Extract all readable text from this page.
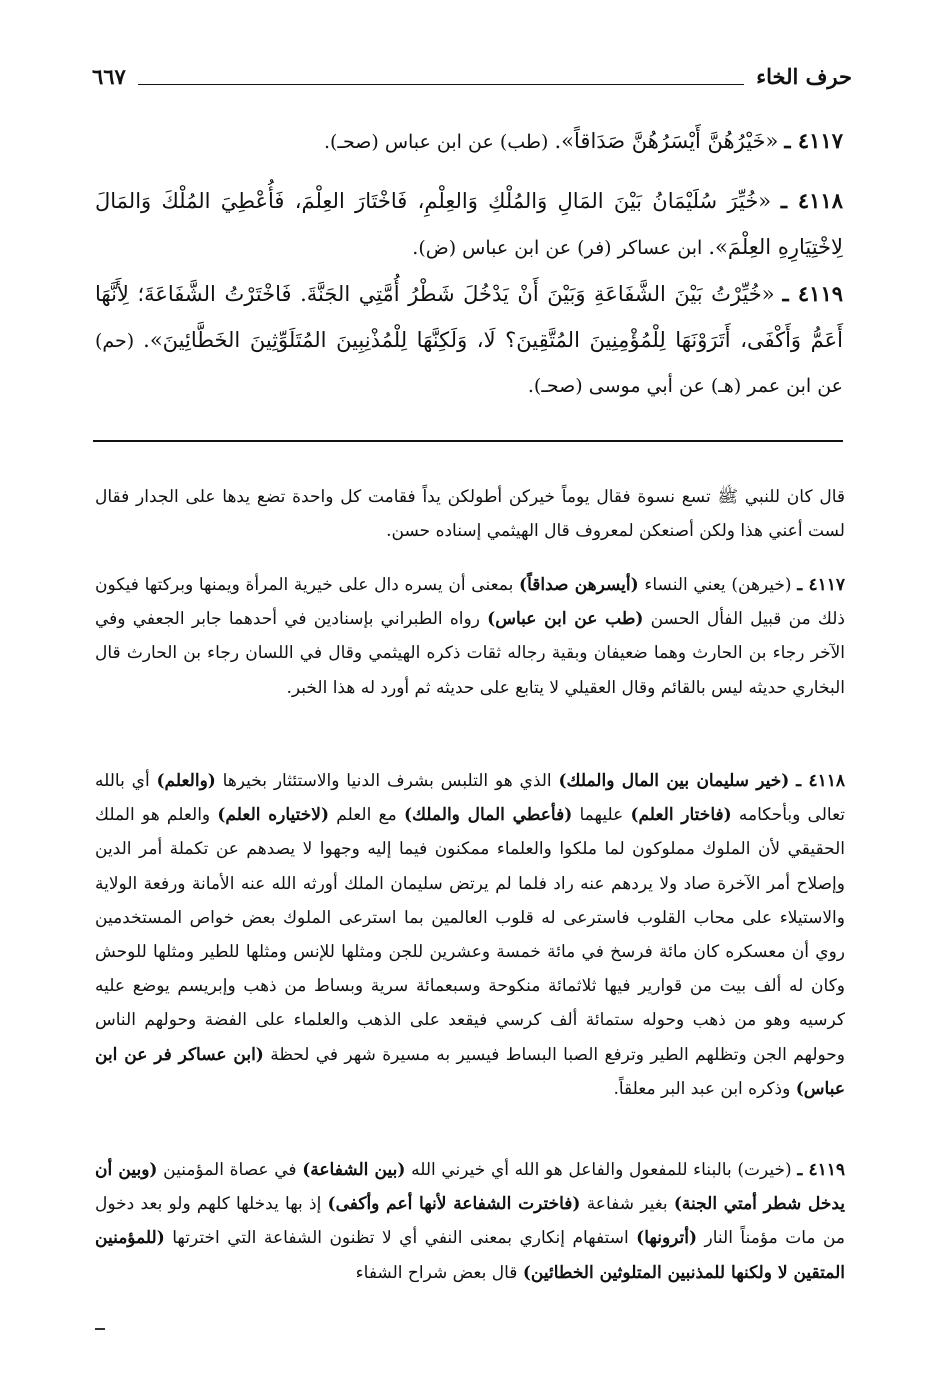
حرف الخاء
٦٦٧
٤١١٧ ـ «خَيْرُهُنَّ أَيْسَرُهُنَّ صَدَاقاً». (طب) عن ابن عباس (صحـ).
٤١١٨ ـ «خُيِّرَ سُلَيْمَانُ بَيْنَ المَالِ وَالمُلْكِ وَالعِلْمِ، فَاخْتَارَ العِلْمَ، فَأُعْطِيَ المُلْكَ وَالمَالَ لِاخْتِيَارِهِ العِلْمَ». ابن عساكر (فر) عن ابن عباس (ض).
٤١١٩ ـ «خُيِّرْتُ بَيْنَ الشَّفَاعَةِ وَبَيْنَ أَنْ يَدْخُلَ شَطْرُ أُمَّتِي الجَنَّةَ. فَاخْتَرْتُ الشَّفَاعَةَ؛ لِأَنَّهَا أَعَمُّ وَأَكْفَى، أَتَرَوْنَهَا لِلْمُؤْمِنِينَ المُتَّقِينَ؟ لَا، وَلَكِنَّهَا لِلْمُذْنِبِينَ المُتَلَوِّثِينَ الخَطَّائِينَ». (حم) عن ابن عمر (هـ) عن أبي موسى (صحـ).
قال كان للنبي ﷺ تسع نسوة فقال يوماً خيركن أطولكن يداً فقامت كل واحدة تضع يدها على الجدار فقال لست أعني هذا ولكن أصنعكن لمعروف قال الهيثمي إسناده حسن.
٤١١٧ ـ (خيرهن) يعني النساء (أيسرهن صداقاً) بمعنى أن يسره دال على خيرية المرأة ويمنها وبركتها فيكون ذلك من قبيل الفأل الحسن (طب عن ابن عباس) رواه الطبراني بإسنادين في أحدهما جابر الجعفي وفي الآخر رجاء بن الحارث وهما ضعيفان وبقية رجاله ثقات ذكره الهيثمي وقال في اللسان رجاء بن الحارث قال البخاري حديثه ليس بالقائم وقال العقيلي لا يتابع على حديثه ثم أورد له هذا الخبر.
٤١١٨ ـ (خير سليمان بين المال والملك) الذي هو التلبس بشرف الدنيا والاستئثار بخيرها (والعلم) أي بالله تعالى وبأحكامه (فاختار العلم) عليهما (فأعطي المال والملك) مع العلم (لاختياره العلم) والعلم هو الملك الحقيقي لأن الملوك مملوكون لما ملكوا والعلماء ممكنون فيما إليه وجهوا لا يصدهم عن تكملة أمر الدين وإصلاح أمر الآخرة صاد ولا يردهم عنه راد فلما لم يرتض سليمان الملك أورثه الله عنه الأمانة ورفعة الولاية والاستيلاء على محاب القلوب فاسترعى له قلوب العالمين بما استرعى الملوك بعض خواص المستخدمين روي أن معسكره كان مائة فرسخ في مائة خمسة وعشرين للجن ومثلها للإنس ومثلها للطير ومثلها للوحش وكان له ألف بيت من قوارير فيها ثلاثمائة منكوحة وسبعمائة سرية وبساط من ذهب وإبريسم يوضع عليه كرسيه وهو من ذهب وحوله ستمائة ألف كرسي فيقعد على الذهب والعلماء على الفضة وحولهم الناس وحولهم الجن وتظلهم الطير وترفع الصبا البساط فيسير به مسيرة شهر في لحظة (ابن عساكر فر عن ابن عباس) وذكره ابن عبد البر معلقاً.
٤١١٩ ـ (خيرت) بالبناء للمفعول والفاعل هو الله أي خيرني الله (بين الشفاعة) في عصاة المؤمنين (وبين أن يدخل شطر أمتي الجنة) بغير شفاعة (فاخترت الشفاعة لأنها أعم وأكفى) إذ بها يدخلها كلهم ولو بعد دخول من مات مؤمناً النار (أترونها) استفهام إنكاري بمعنى النفي أي لا تظنون الشفاعة التي اخترتها (للمؤمنين المتقين لا ولكنها للمذنبين المتلوثين الخطائين) قال بعض شراح الشفاء
